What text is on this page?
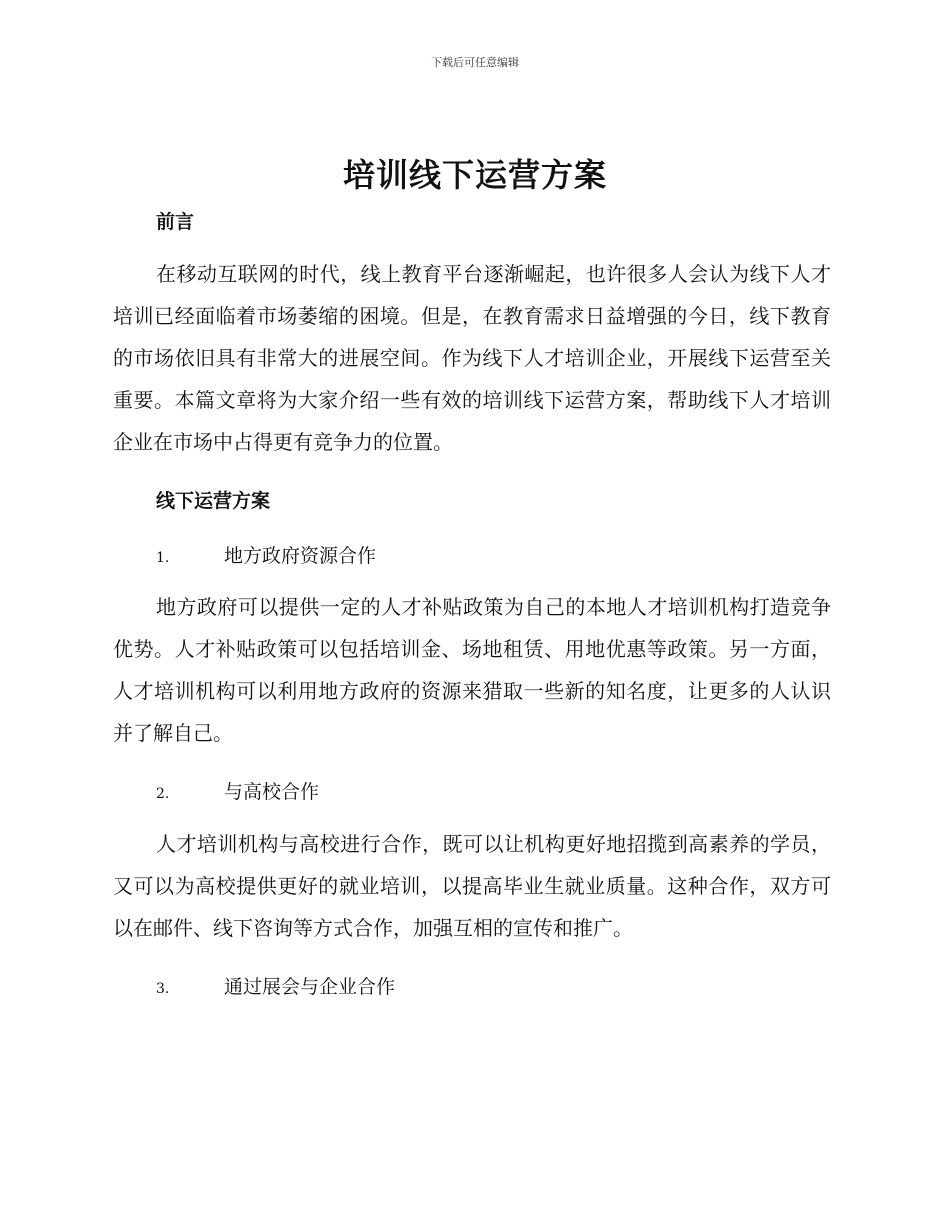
下载后可任意编辑
培训线下运营方案
前言
在移动互联网的时代，线上教育平台逐渐崛起，也许很多人会认为线下人才培训已经面临着市场萎缩的困境。但是，在教育需求日益增强的今日，线下教育的市场依旧具有非常大的进展空间。作为线下人才培训企业，开展线下运营至关重要。本篇文章将为大家介绍一些有效的培训线下运营方案，帮助线下人才培训企业在市场中占得更有竞争力的位置。
线下运营方案
1.	地方政府资源合作
地方政府可以提供一定的人才补贴政策为自己的本地人才培训机构打造竞争优势。人才补贴政策可以包括培训金、场地租赁、用地优惠等政策。另一方面，人才培训机构可以利用地方政府的资源来猎取一些新的知名度，让更多的人认识并了解自己。
2.	与高校合作
人才培训机构与高校进行合作，既可以让机构更好地招揽到高素养的学员，又可以为高校提供更好的就业培训，以提高毕业生就业质量。这种合作，双方可以在邮件、线下咨询等方式合作，加强互相的宣传和推广。
3.	通过展会与企业合作
